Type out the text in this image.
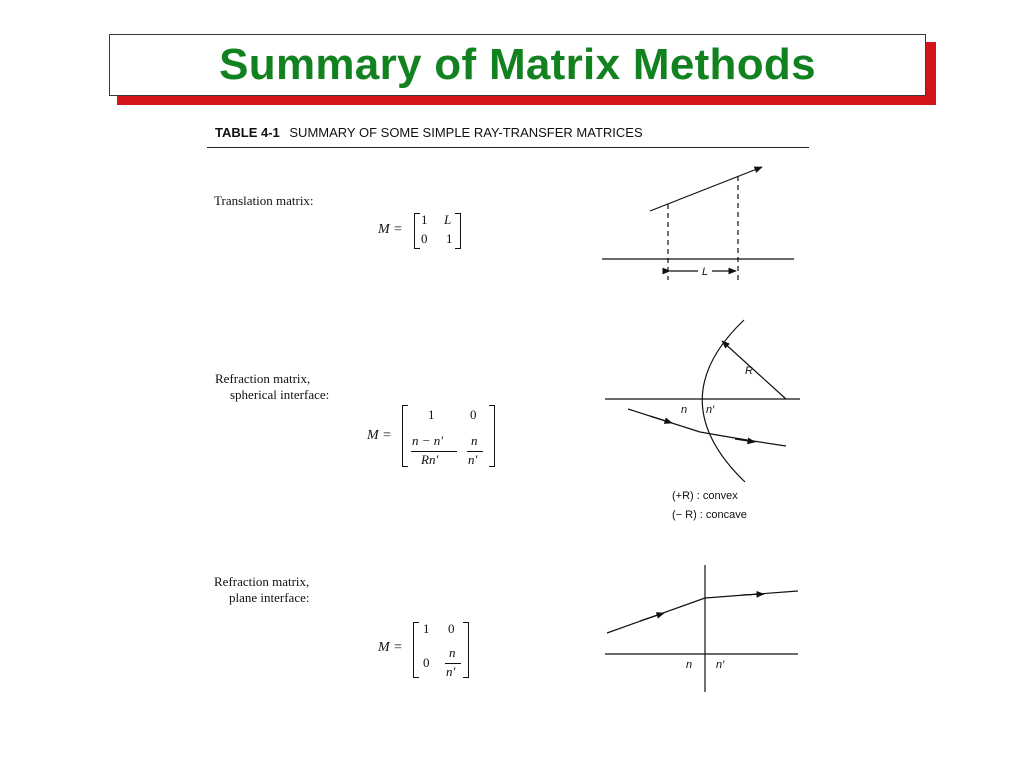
Summary of Matrix Methods
TABLE 4-1 SUMMARY OF SOME SIMPLE RAY-TRANSFER MATRICES
Translation matrix:
M =
1 L
0 1
Refraction matrix,
spherical interface:
M =
1	0
n − n′
Rn′
n
n′
(+R) : convex
(− R) : concave
Refraction matrix,
plane interface:
M =
1 0
0
n
n′
L
R
n n′
n n′
